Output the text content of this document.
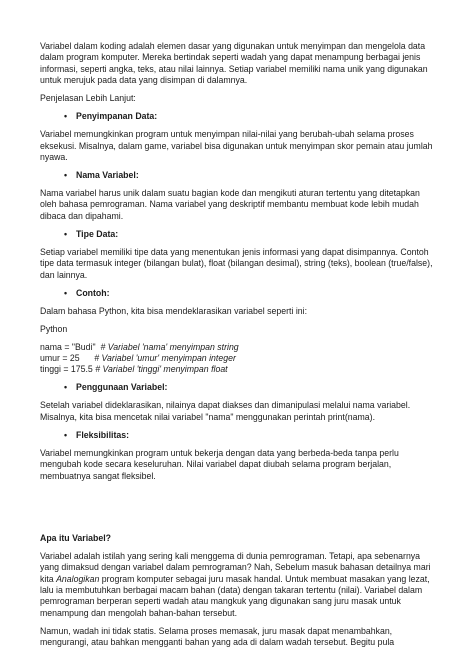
Variabel dalam koding adalah elemen dasar yang digunakan untuk menyimpan dan mengelola data dalam program komputer. Mereka bertindak seperti wadah yang dapat menampung berbagai jenis informasi, seperti angka, teks, atau nilai lainnya. Setiap variabel memiliki nama unik yang digunakan untuk merujuk pada data yang disimpan di dalamnya.

Penjelasan Lebih Lanjut:

•	Penyimpanan Data:

Variabel memungkinkan program untuk menyimpan nilai-nilai yang berubah-ubah selama proses eksekusi. Misalnya, dalam game, variabel bisa digunakan untuk menyimpan skor pemain atau jumlah nyawa.

•	Nama Variabel:

Nama variabel harus unik dalam suatu bagian kode dan mengikuti aturan tertentu yang ditetapkan oleh bahasa pemrograman. Nama variabel yang deskriptif membantu membuat kode lebih mudah dibaca dan dipahami.

•	Tipe Data:

Setiap variabel memiliki tipe data yang menentukan jenis informasi yang dapat disimpannya. Contoh tipe data termasuk integer (bilangan bulat), float (bilangan desimal), string (teks), boolean (true/false), dan lainnya.

•	Contoh:

Dalam bahasa Python, kita bisa mendeklarasikan variabel seperti ini:

Python

nama = "Budi"  # Variabel 'nama' menyimpan string
umur = 25      # Variabel 'umur' menyimpan integer
tinggi = 175.5 # Variabel 'tinggi' menyimpan float
•	Penggunaan Variabel:

Setelah variabel dideklarasikan, nilainya dapat diakses dan dimanipulasi melalui nama variabel. Misalnya, kita bisa mencetak nilai variabel "nama" menggunakan perintah print(nama).

•	Fleksibilitas:

Variabel memungkinkan program untuk bekerja dengan data yang berbeda-beda tanpa perlu mengubah kode secara keseluruhan. Nilai variabel dapat diubah selama program berjalan, membuatnya sangat fleksibel.

Apa itu Variabel?

Variabel adalah istilah yang sering kali menggema di dunia pemrograman. Tetapi, apa sebenarnya yang dimaksud dengan variabel dalam pemrograman? Nah, Sebelum masuk bahasan detailnya mari kita Analogikan program komputer sebagai juru masak handal. Untuk membuat masakan yang lezat, lalu ia membutuhkan berbagai macam bahan (data) dengan takaran tertentu (nilai). Variabel dalam pemrograman berperan seperti wadah atau mangkuk yang digunakan sang juru masak untuk menampung dan mengolah bahan-bahan tersebut.

Namun, wadah ini tidak statis. Selama proses memasak, juru masak dapat menambahkan, mengurangi, atau bahkan mengganti bahan yang ada di dalam wadah tersebut. Begitu pula
